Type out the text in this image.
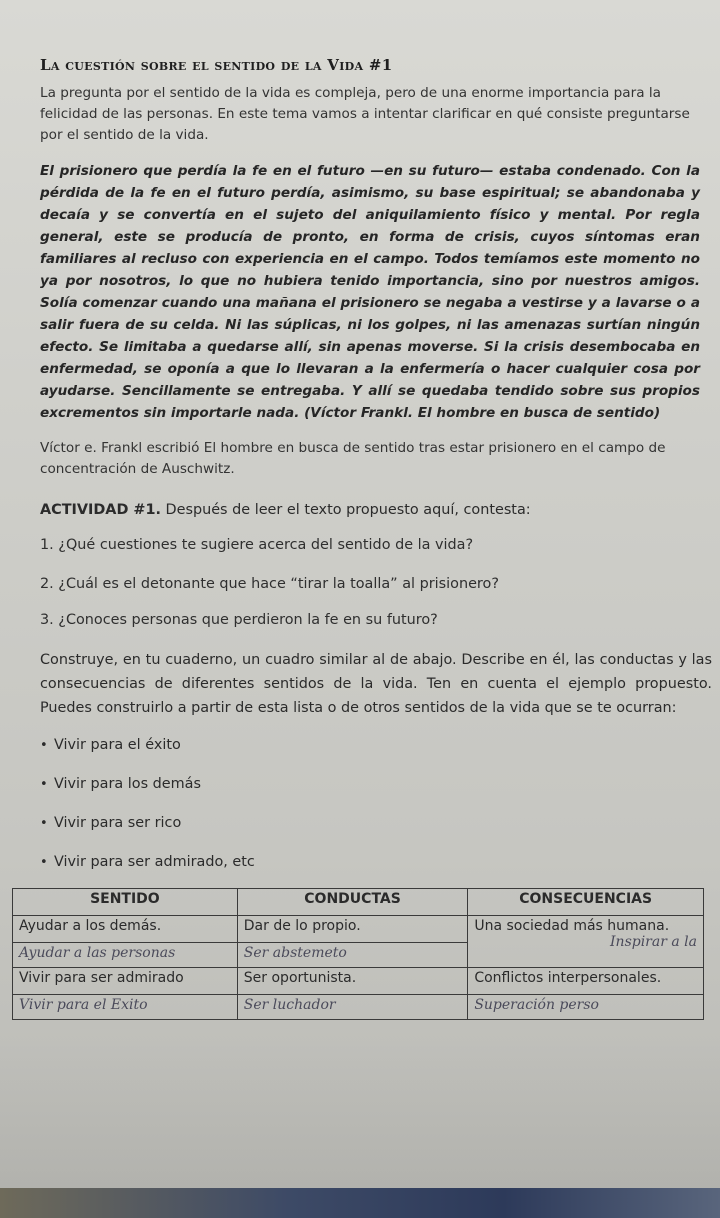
La cuestión sobre el sentido de la Vida #1
La pregunta por el sentido de la vida es compleja, pero de una enorme importancia para la felicidad de las personas. En este tema vamos a intentar clarificar en qué consiste preguntarse por el sentido de la vida.
El prisionero que perdía la fe en el futuro —en su futuro— estaba condenado. Con la pérdida de la fe en el futuro perdía, asimismo, su base espiritual; se abandonaba y decaía y se convertía en el sujeto del aniquilamiento físico y mental. Por regla general, este se producía de pronto, en forma de crisis, cuyos síntomas eran familiares al recluso con experiencia en el campo. Todos temíamos este momento no ya por nosotros, lo que no hubiera tenido importancia, sino por nuestros amigos. Solía comenzar cuando una mañana el prisionero se negaba a vestirse y a lavarse o a salir fuera de su celda. Ni las súplicas, ni los golpes, ni las amenazas surtían ningún efecto. Se limitaba a quedarse allí, sin apenas moverse. Si la crisis desembocaba en enfermedad, se oponía a que lo llevaran a la enfermería o hacer cualquier cosa por ayudarse. Sencillamente se entregaba. Y allí se quedaba tendido sobre sus propios excrementos sin importarle nada. (Víctor Frankl. El hombre en busca de sentido)
Víctor e. Frankl escribió El hombre en busca de sentido tras estar prisionero en el campo de concentración de Auschwitz.
ACTIVIDAD #1. Después de leer el texto propuesto aquí, contesta:
1. ¿Qué cuestiones te sugiere acerca del sentido de la vida?
2. ¿Cuál es el detonante que hace “tirar la toalla” al prisionero?
3. ¿Conoces personas que perdieron la fe en su futuro?
Construye, en tu cuaderno, un cuadro similar al de abajo. Describe en él, las conductas y las consecuencias de diferentes sentidos de la vida. Ten en cuenta el ejemplo propuesto. Puedes construirlo a partir de esta lista o de otros sentidos de la vida que se te ocurran:
• Vivir para el éxito
• Vivir para los demás
• Vivir para ser rico
• Vivir para ser admirado, etc
SENTIDO	CONDUCTAS	CONSECUENCIAS
Ayudar a los demás.	Dar de lo propio.	Una sociedad más humana.
Inspirar a la

Ayudar a las personas	Ser abstemeto	
Vivir para ser admirado	Ser oportunista.	Conflictos interpersonales.
Vivir para el Exito	Ser luchador	Superación perso
